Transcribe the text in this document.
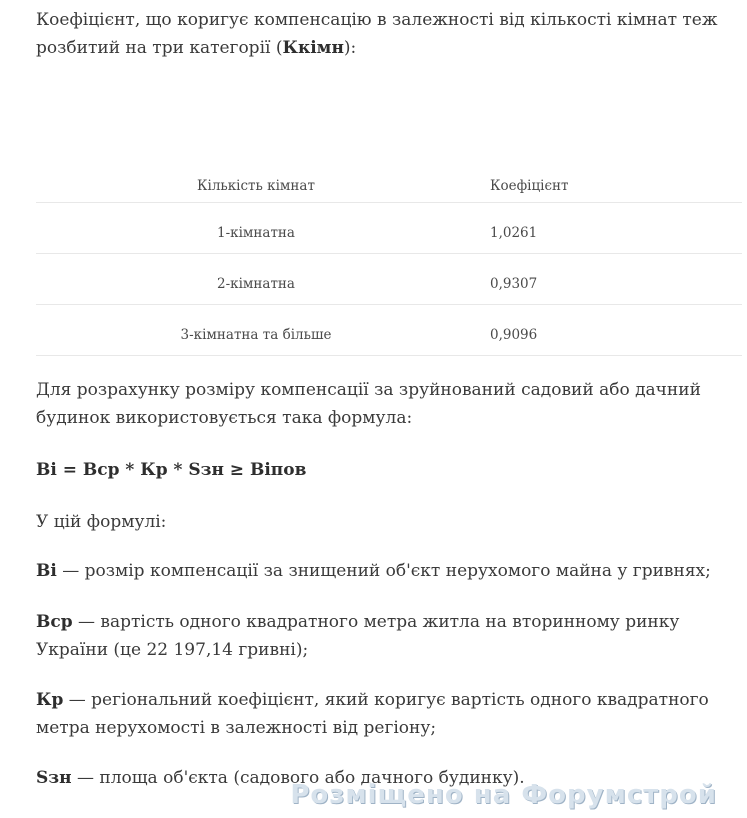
Коефіцієнт, що коригує компенсацію в залежності від кількості кімнат теж розбитий на три категорії (Ккімн):

Кількість кімнат	Коефіцієнт
1-кімнатна	1,0261
2-кімнатна	0,9307
3-кімнатна та більше	0,9096

Для розрахунку розміру компенсації за зруйнований садовий або дачний будинок використовується така формула:

Bі = Bср * Кр * Sзн ≥ Віпов

У цій формулі:

Bі — розмір компенсації за знищений об'єкт нерухомого майна у гривнях;

Bср — вартість одного квадратного метра житла на вторинному ринку України (це 22 197,14 гривні);

Кр — регіональний коефіцієнт, який коригує вартість одного квадратного метра нерухомості в залежності від регіону;

Sзн — площа об'єкта (садового або дачного будинку).

Розміщено на Форумстрой
